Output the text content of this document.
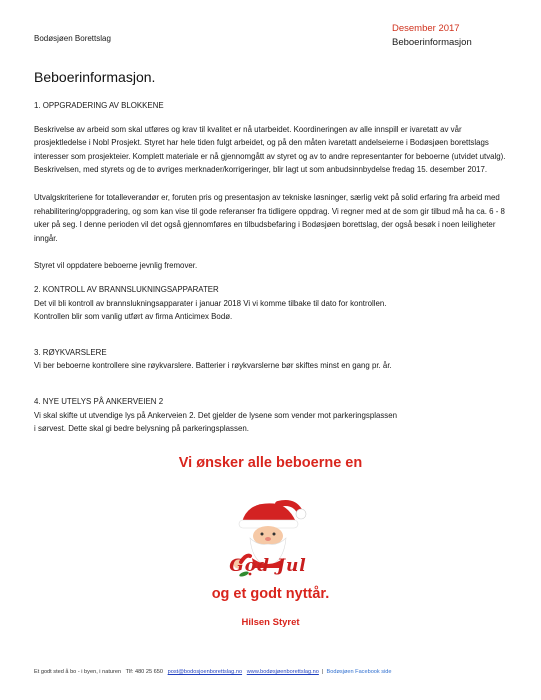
Bodøsjøen Borettslag
Desember 2017
Beboerinformasjon
Beboerinformasjon.

1. OPPGRADERING AV BLOKKENE

Beskrivelse av arbeid som skal utføres og krav til kvalitet er nå utarbeidet. Koordineringen av alle innspill er ivaretatt av vår prosjektledelse i Nobl Prosjekt. Styret har hele tiden fulgt arbeidet, og på den måten ivaretatt andelseierne i Bodøsjøen borettslags interesser som prosjekteier. Komplett materiale er nå gjennomgått av styret og av to andre representanter for beboerne (utvidet utvalg). Beskrivelsen, med styrets og de to øvriges merknader/korrigeringer, blir lagt ut som anbudsinnbydelse fredag 15. desember 2017.

Utvalgskriteriene for totalleverandør er, foruten pris og presentasjon av tekniske løsninger, særlig vekt på solid erfaring fra arbeid med rehabilitering/oppgradering, og som kan vise til gode referanser fra tidligere oppdrag. Vi regner med at de som gir tilbud må ha ca. 6 - 8 uker på seg. I denne perioden vil det også gjennomføres en tilbudsbefaring i Bodøsjøen borettslag, der også besøk i noen leiligheter inngår.

Styret vil oppdatere beboerne jevnlig fremover.

2. KONTROLL AV BRANNSLUKNINGSAPPARATER

Det vil bli kontroll av brannslukningsapparater i januar 2018 Vi vi komme tilbake til dato for kontrollen.

Kontrollen blir som vanlig utført av firma Anticimex Bodø.

3. RØYKVARSLERE

Vi ber beboerne kontrollere sine røykvarslere. Batterier i røykvarslerne bør skiftes minst en gang pr. år.

4. NYE UTELYS PÅ ANKERVEIEN 2

Vi skal skifte ut utvendige lys på Ankerveien 2. Det gjelder de lysene som vender mot parkeringsplassen

i sørvest. Dette skal gi bedre belysning på parkeringsplassen.

Vi ønsker alle beboerne en
God Jul
og et godt nyttår.
Hilsen Styret
Et godt sted å bo - i byen, i naturen Tlf: 480 25 650 post@bodosjoenborettslag.no www.bodøsjøenborettslag.no | Bodøsjøen Facebook side
